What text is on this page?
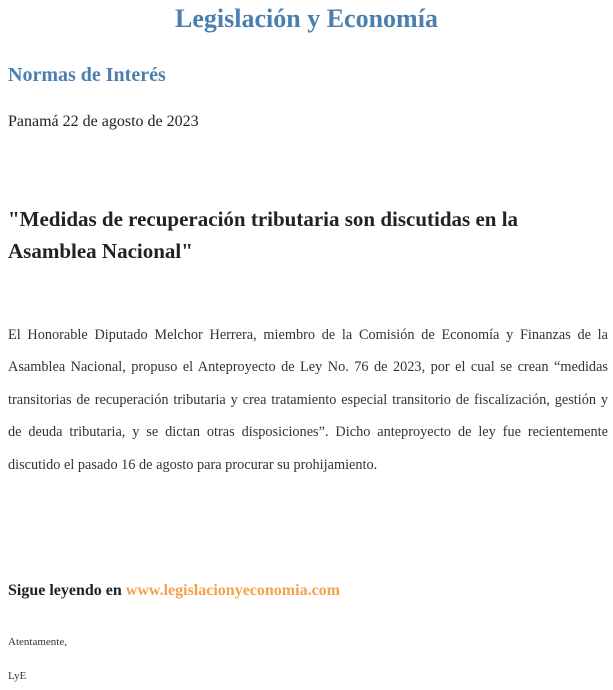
Legislación y Economía
Normas de Interés
Panamá 22 de agosto de 2023
"Medidas de recuperación tributaria son discutidas en la Asamblea Nacional"
El Honorable Diputado Melchor Herrera, miembro de la Comisión de Economía y Finanzas de la Asamblea Nacional, propuso el Anteproyecto de Ley No. 76 de 2023, por el cual se crean “medidas transitorias de recuperación tributaria y crea tratamiento especial transitorio de fiscalización, gestión y de deuda tributaria, y se dictan otras disposiciones”. Dicho anteproyecto de ley fue recientemente discutido el pasado 16 de agosto para procurar su prohijamiento.
Sigue leyendo en www.legislacionyeconomia.com
Atentamente,
LyE
